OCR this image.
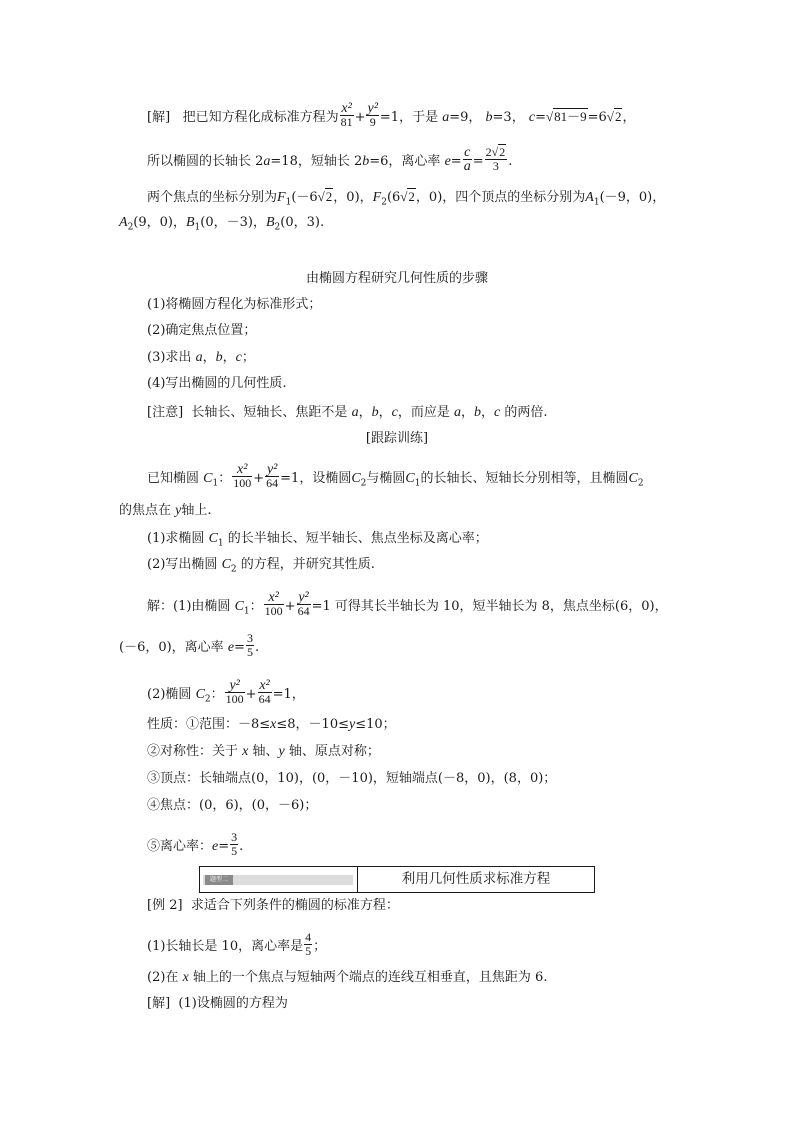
[解] 把已知方程化成标准方程为 $\frac{\text{x²}}{81} + \frac{\text{y²}}{9} =1$，于是 a=9， b=3， c=√81－9=6√2，
所以椭圆的长轴长 2a=18，短轴长 2b=6，离心率 $e= \frac{c}{a} = \frac{2√2}{3}$ .
两个焦点的坐标分别为$F_1(-6√2$，0)，$F_2(6√2$，0)，四个顶点的坐标分别为$A_1(-9$，0)，
$A_2(9$，0)，$B_1(0$，－3)，$B_2(0$，3).
由椭圆方程研究几何性质的步骤
(1)将椭圆方程化为标准形式；
(2)确定焦点位置；
(3)求出 a，b，c；
(4)写出椭圆的几何性质.
[注意] 长轴长、短轴长、焦距不是 a，b，c，而应是 a，b，c 的两倍.
[跟踪训练]
已知椭圆 $C_1$： $\frac{\text{x²}}{100} + \frac{\text{y²}}{64} =1$，设椭圆$C_2$与椭圆$C_1$的长轴长、短轴长分别相等，且椭圆$C_2$
的焦点在 y轴上.
(1)求椭圆 $C_1$ 的长半轴长、短半轴长、焦点坐标及离心率；
(2)写出椭圆 $C_2$ 的方程，并研究其性质.
解：(1)由椭圆 $C_1$： $\frac{\text{x²}}{100} + \frac{\text{y²}}{64} =1$ 可得其长半轴长为 10，短半轴长为 8，焦点坐标(6，0)，
(－6，0)，离心率 $e= \frac{3}{5}$ .
(2)椭圆 $C_2$： $\frac{\text{y²}}{100} + \frac{\text{x²}}{64} =1$，
性质：①范围：－8≤x≤8，－10≤y≤10；
②对称性：关于 x 轴、y 轴、原点对称；
③顶点：长轴端点(0，10)，(0，－10)，短轴端点(－8，0)，(8，0)；
④焦点：(0，6)，(0，－6)；
⑤离心率：$e= \frac{3}{5}$ .
题型二	利用几何性质求标准方程
[例 2] 求适合下列条件的椭圆的标准方程：
(1)长轴长是 10，离心率是 $\frac{4}{5}$ ；
(2)在 x 轴上的一个焦点与短轴两个端点的连线互相垂直，且焦距为 6.
[解] (1)设椭圆的方程为
